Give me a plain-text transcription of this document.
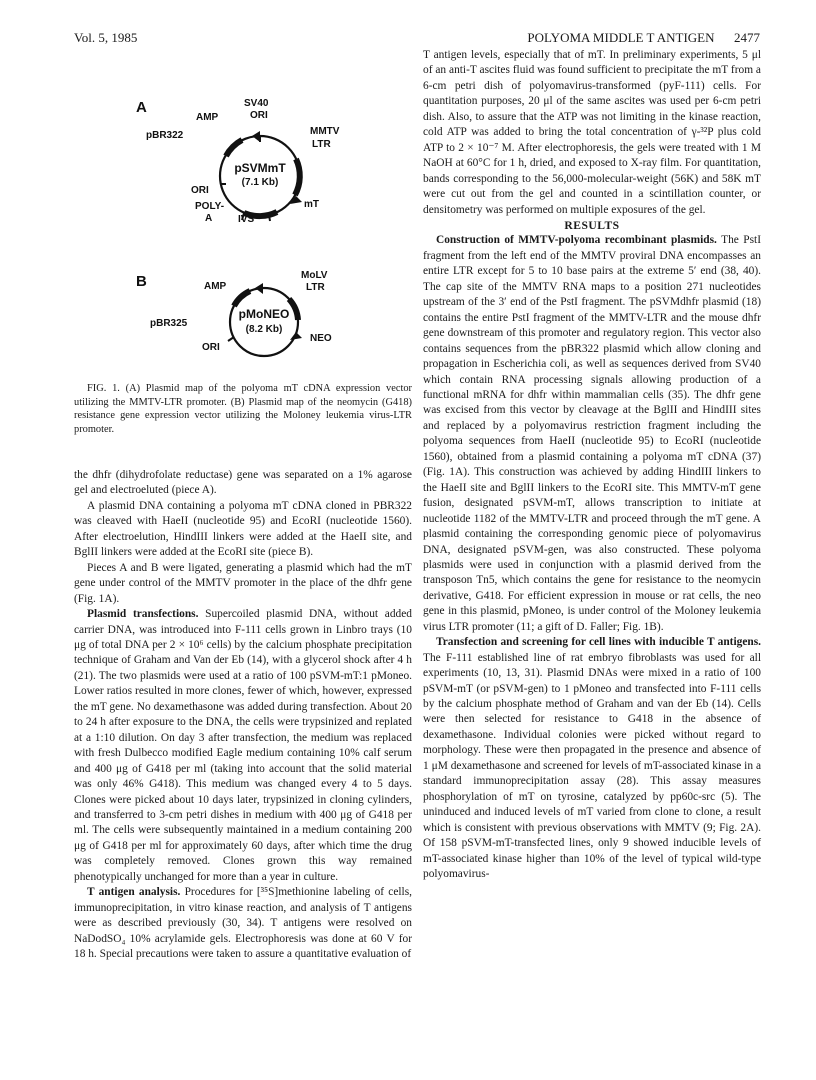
Vol. 5, 1985	POLYOMA MIDDLE T ANTIGEN 2477
A
pSVMmT
(7.1 Kb)
SV40
ORI
MMTV
LTR
AMP
pBR322
ORI
POLY-
A	IVS
mT
B
pMoNEO
(8.2 Kb)
MoLV
LTR
AMP
pBR325
ORI
NEO
FIG. 1. (A) Plasmid map of the polyoma mT cDNA expression vector utilizing the MMTV-LTR promoter. (B) Plasmid map of the neomycin (G418) resistance gene expression vector utilizing the Moloney leukemia virus-LTR promoter.

the dhfr (dihydrofolate reductase) gene was separated on a 1% agarose gel and electroeluted (piece A).

A plasmid DNA containing a polyoma mT cDNA cloned in PBR322 was cleaved with HaeII (nucleotide 95) and EcoRI (nucleotide 1560). After electroelution, HindIII linkers were added at the HaeII site, and BglII linkers were added at the EcoRI site (piece B).

Pieces A and B were ligated, generating a plasmid which had the mT gene under control of the MMTV promoter in the place of the dhfr gene (Fig. 1A).

Plasmid transfections. Supercoiled plasmid DNA, without added carrier DNA, was introduced into F-111 cells grown in Linbro trays (10 μg of total DNA per 2 × 10⁶ cells) by the calcium phosphate precipitation technique of Graham and Van der Eb (14), with a glycerol shock after 4 h (21). The two plasmids were used at a ratio of 100 pSVM-mT:1 pMoneo. Lower ratios resulted in more clones, fewer of which, however, expressed the mT gene. No dexamethasone was added during transfection. About 20 to 24 h after exposure to the DNA, the cells were trypsinized and replated at a 1:10 dilution. On day 3 after transfection, the medium was replaced with fresh Dulbecco modified Eagle medium containing 10% calf serum and 400 μg of G418 per ml (taking into account that the solid material was only 46% G418). This medium was changed every 4 to 5 days. Clones were picked about 10 days later, trypsinized in cloning cylinders, and transferred to 3-cm petri dishes in medium with 400 μg of G418 per ml. The cells were subsequently maintained in a medium containing 200 μg of G418 per ml for approximately 60 days, after which time the drug was completely removed. Clones grown this way remained phenotypically unchanged for more than a year in culture.

T antigen analysis. Procedures for [³⁵S]methionine labeling of cells, immunoprecipitation, in vitro kinase reaction, and analysis of T antigens were as described previously (30, 34). T antigens were resolved on NaDodSO₄ 10% acrylamide gels. Electrophoresis was done at 60 V for 18 h. Special precautions were taken to assure a quantitative evaluation of

T antigen levels, especially that of mT. In preliminary experiments, 5 μl of an anti-T ascites fluid was found sufficient to precipitate the mT from a 6-cm petri dish of polyomavirus-transformed (pyF-111) cells. For quantitation purposes, 20 μl of the same ascites was used per 6-cm petri dish. Also, to assure that the ATP was not limiting in the kinase reaction, cold ATP was added to bring the total concentration of γ-³²P plus cold ATP to 2 × 10⁻⁷ M. After electrophoresis, the gels were treated with 1 M NaOH at 60°C for 1 h, dried, and exposed to X-ray film. For quantitation, bands corresponding to the 56,000-molecular-weight (56K) and 58K mT were cut out from the gel and counted in a scintillation counter, or densitometry was performed on multiple exposures of the gel.

RESULTS

Construction of MMTV-polyoma recombinant plasmids. The PstI fragment from the left end of the MMTV proviral DNA encompasses an entire LTR except for 5 to 10 base pairs at the extreme 5′ end (38, 40). The cap site of the MMTV RNA maps to a position 271 nucleotides upstream of the 3′ end of the PstI fragment. The pSVMdhfr plasmid (18) contains the entire PstI fragment of the MMTV-LTR and the mouse dhfr gene downstream of this promoter and regulatory region. This vector also contains sequences from the pBR322 plasmid which allow cloning and propagation in Escherichia coli, as well as sequences derived from SV40 which contain RNA processing signals allowing production of a functional mRNA for dhfr within mammalian cells (35). The dhfr gene was excised from this vector by cleavage at the BglII and HindIII sites and replaced by a polyomavirus restriction fragment including the polyoma sequences from HaeII (nucleotide 95) to EcoRI (nucleotide 1560), obtained from a plasmid containing a polyoma mT cDNA (37) (Fig. 1A). This construction was achieved by adding HindIII linkers to the HaeII site and BglII linkers to the EcoRI site. This MMTV-mT gene fusion, designated pSVM-mT, allows transcription to initiate at nucleotide 1182 of the MMTV-LTR and proceed through the mT gene. A plasmid containing the corresponding genomic piece of polyomavirus DNA, designated pSVM-gen, was also constructed. These polyoma plasmids were used in conjunction with a plasmid derived from the transposon Tn5, which contains the gene for resistance to the neomycin derivative, G418. For efficient expression in mouse or rat cells, the neo gene in this plasmid, pMoneo, is under control of the Moloney leukemia virus LTR promoter (11; a gift of D. Faller; Fig. 1B).

Transfection and screening for cell lines with inducible T antigens. The F-111 established line of rat embryo fibroblasts was used for all experiments (10, 13, 31). Plasmid DNAs were mixed in a ratio of 100 pSVM-mT (or pSVM-gen) to 1 pMoneo and transfected into F-111 cells by the calcium phosphate method of Graham and van der Eb (14). Cells were then selected for resistance to G418 in the absence of dexamethasone. Individual colonies were picked without regard to morphology. These were then propagated in the presence and absence of 1 μM dexamethasone and screened for levels of mT-associated kinase in a standard immunoprecipitation assay (28). This assay measures phosphorylation of mT on tyrosine, catalyzed by pp60c-src (5). The uninduced and induced levels of mT varied from clone to clone, a result which is consistent with previous observations with MMTV (9; Fig. 2A). Of 158 pSVM-mT-transfected lines, only 9 showed inducible levels of mT-associated kinase higher than 10% of the level of typical wild-type polyomavirus-
